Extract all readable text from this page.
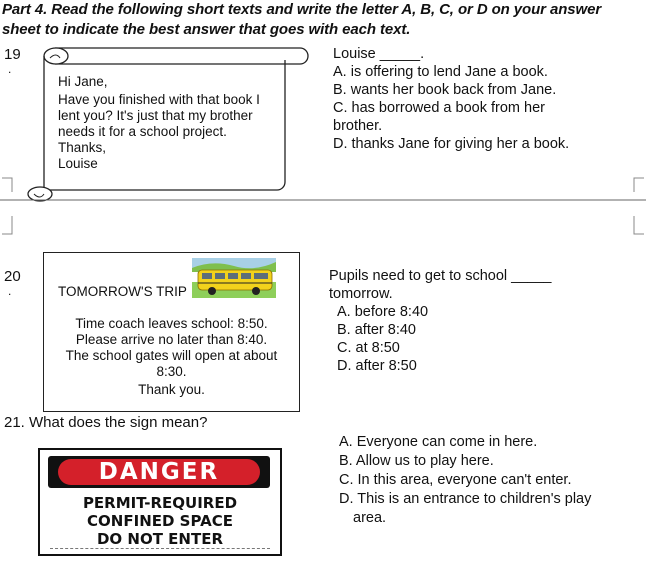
Part 4. Read the following short texts and write the letter A, B, C, or D on your answer
sheet to indicate the best answer that goes with each text.
19
.
Hi Jane,
Have you finished with that book I
lent you? It's just that my brother
needs it for a school project.
Thanks,
Louise
Louise _____.
A. is offering to lend Jane a book.
B. wants her book back from Jane.
C. has borrowed a book from her
brother.
D. thanks Jane for giving her a book.
20
.	TOMORROW'S TRIP
Time coach leaves school: 8:50.
Please arrive no later than 8:40.
The school gates will open at about
8:30.
Thank you.
Pupils need to get to school _____
tomorrow.
A. before 8:40
B. after 8:40
C. at 8:50
D. after 8:50
21. What does the sign mean?
DANGER
PERMIT-REQUIRED
CONFINED SPACE
DO NOT ENTER
A. Everyone can come in here.
B. Allow us to play here.
C. In this area, everyone can't enter.
D. This is an entrance to children's play
area.
